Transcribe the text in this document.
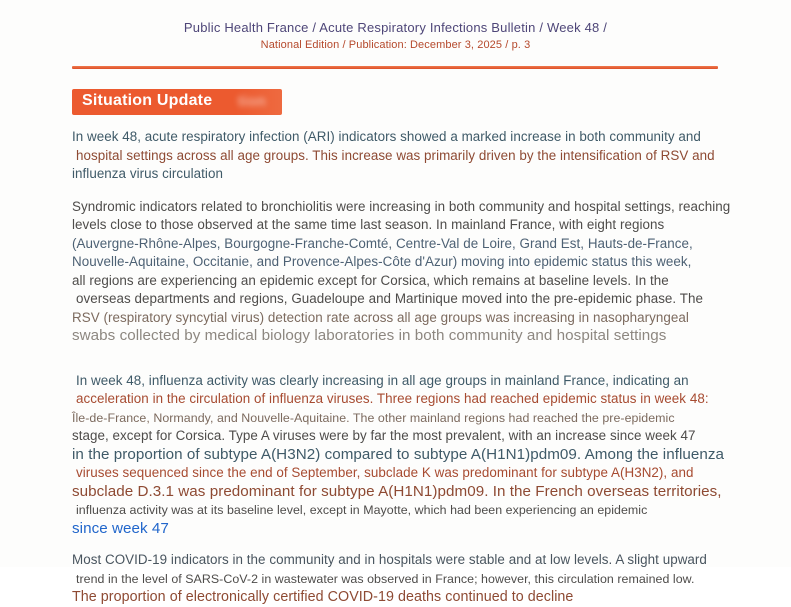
Public Health France / Acute Respiratory Infections Bulletin / Week 48 /
National Edition / Publication: December 3, 2025 / p. 3
Situation Update tion

In week 48, acute respiratory infection (ARI) indicators showed a marked increase in both community and
hospital settings across all age groups. This increase was primarily driven by the intensification of RSV and
influenza virus circulation

Syndromic indicators related to bronchiolitis were increasing in both community and hospital settings, reaching
levels close to those observed at the same time last season. In mainland France, with eight regions
(Auvergne-Rhône-Alpes, Bourgogne-Franche-Comté, Centre-Val de Loire, Grand Est, Hauts-de-France,
Nouvelle-Aquitaine, Occitanie, and Provence-Alpes-Côte d'Azur) moving into epidemic status this week,
all regions are experiencing an epidemic except for Corsica, which remains at baseline levels. In the
overseas departments and regions, Guadeloupe and Martinique moved into the pre-epidemic phase. The
RSV (respiratory syncytial virus) detection rate across all age groups was increasing in nasopharyngeal
swabs collected by medical biology laboratories in both community and hospital settings

In week 48, influenza activity was clearly increasing in all age groups in mainland France, indicating an
acceleration in the circulation of influenza viruses. Three regions had reached epidemic status in week 48:
Île-de-France, Normandy, and Nouvelle-Aquitaine. The other mainland regions had reached the pre-epidemic
stage, except for Corsica. Type A viruses were by far the most prevalent, with an increase since week 47
in the proportion of subtype A(H3N2) compared to subtype A(H1N1)pdm09. Among the influenza
viruses sequenced since the end of September, subclade K was predominant for subtype A(H3N2), and
subclade D.3.1 was predominant for subtype A(H1N1)pdm09. In the French overseas territories,
influenza activity was at its baseline level, except in Mayotte, which had been experiencing an epidemic
since week 47

Most COVID-19 indicators in the community and in hospitals were stable and at low levels. A slight upward
trend in the level of SARS-CoV-2 in wastewater was observed in France; however, this circulation remained low.
The proportion of electronically certified COVID-19 deaths continued to decline
